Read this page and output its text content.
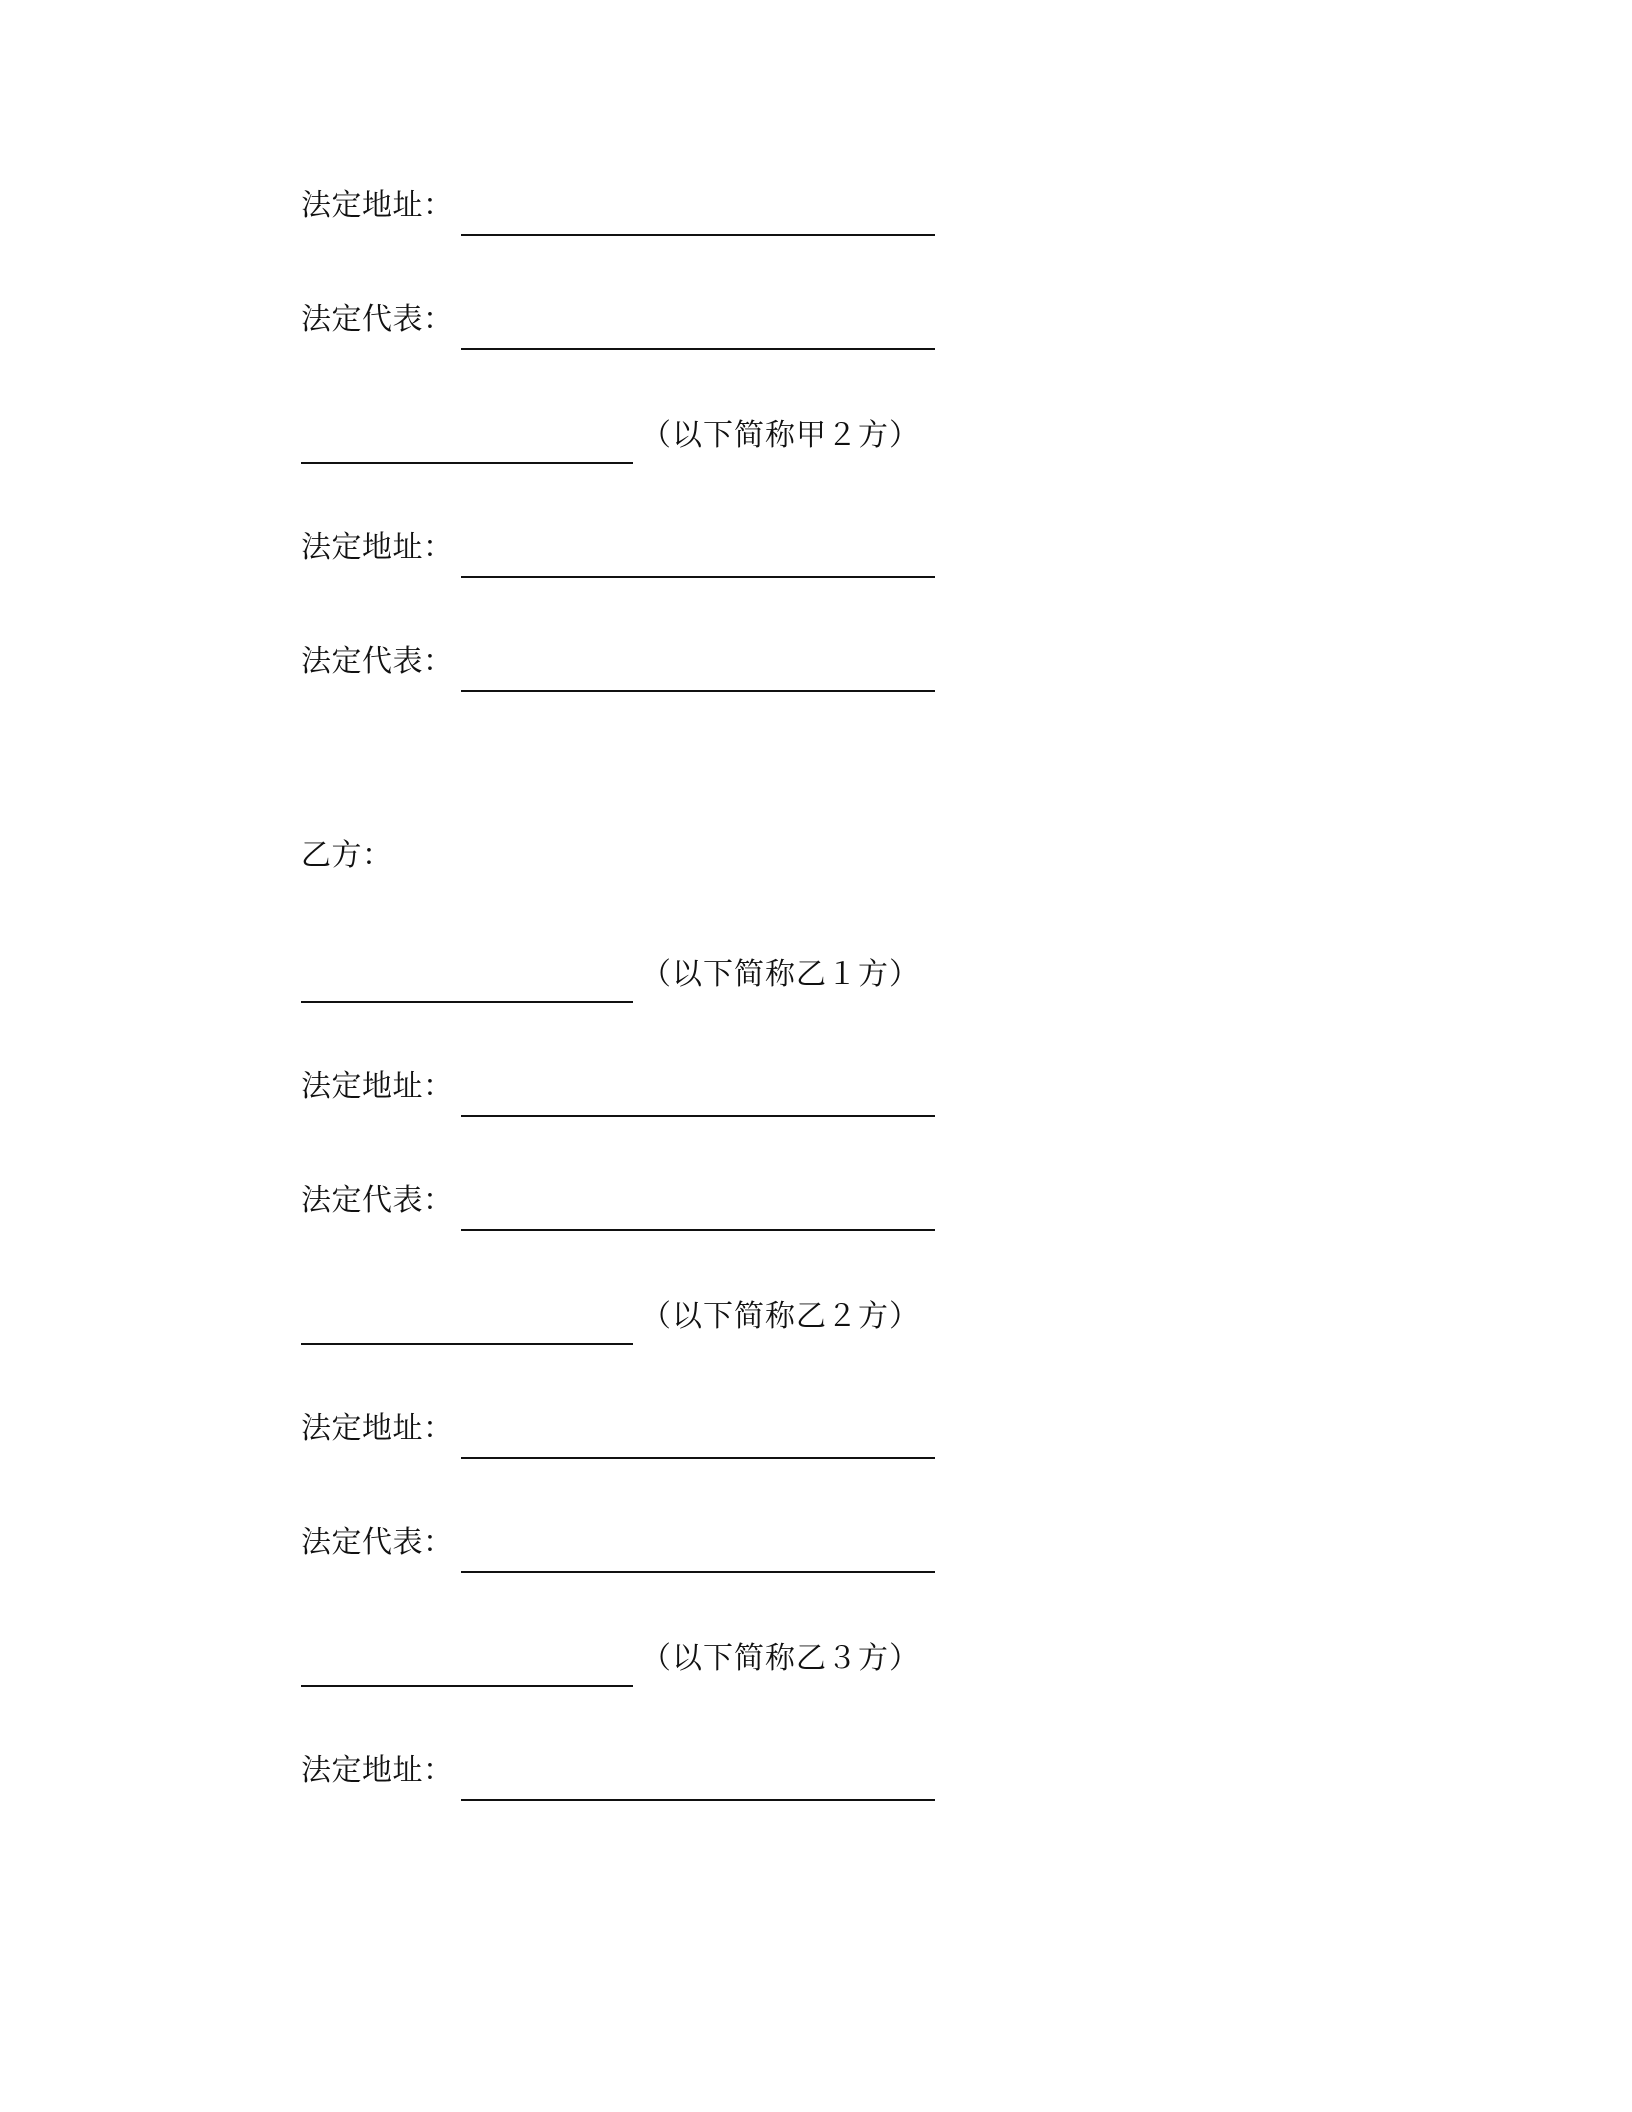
法定地址：
法定代表：
（以下简称甲２方）
法定地址：
法定代表：
乙方：
（以下简称乙１方）
法定地址：
法定代表：
（以下简称乙２方）
法定地址：
法定代表：
（以下简称乙３方）
法定地址：
